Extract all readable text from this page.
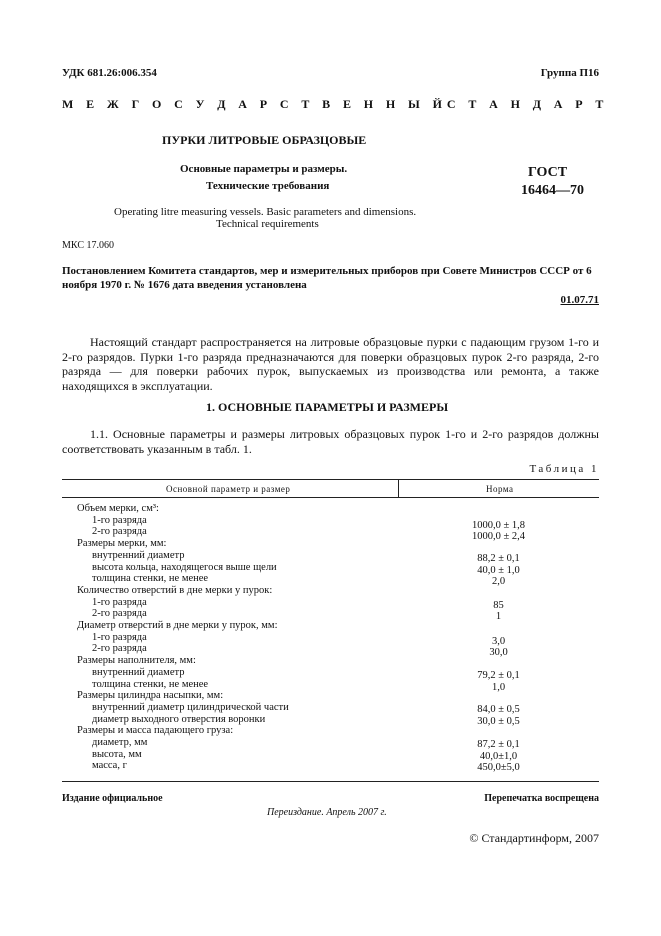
УДК 681.26:006.354	Группа П16
М Е Ж Г О С У Д А Р С Т В Е Н Н Ы Й С Т А Н Д А Р Т
ПУРКИ ЛИТРОВЫЕ ОБРАЗЦОВЫЕ
Основные параметры и размеры.
Технические требования
ГОСТ
16464—70
Operating litre measuring vessels. Basic parameters and dimensions.
Technical requirements
МКС 17.060
Постановлением Комитета стандартов, мер и измерительных приборов при Совете Министров СССР от 6 ноября 1970 г. № 1676 дата введения установлена
01.07.71
Настоящий стандарт распространяется на литровые образцовые пурки с падающим грузом 1-го и 2-го разрядов. Пурки 1-го разряда предназначаются для поверки образцовых пурок 2-го разряда, 2-го разряда — для поверки рабочих пурок, выпускаемых из производства или ремонта, а также находящихся в эксплуатации.
1. ОСНОВНЫЕ ПАРАМЕТРЫ И РАЗМЕРЫ
1.1. Основные параметры и размеры литровых образцовых пурок 1-го и 2-го разрядов должны соответствовать указанным в табл. 1.
Таблица 1
Основной параметр и размер	Норма
Объем мерки, см³:
1-го разряда	1000,0 ± 1,8
2-го разряда	1000,0 ± 2,4
Размеры мерки, мм:
внутренний диаметр	88,2 ± 0,1
высота кольца, находящегося выше щели	40,0 ± 1,0
толщина стенки, не менее	2,0
Количество отверстий в дне мерки у пурок:
1-го разряда	85
2-го разряда	1
Диаметр отверстий в дне мерки у пурок, мм:
1-го разряда	3,0
2-го разряда	30,0
Размеры наполнителя, мм:
внутренний диаметр	79,2 ± 0,1
толщина стенки, не менее	1,0
Размеры цилиндра насыпки, мм:
внутренний диаметр цилиндрической части	84,0 ± 0,5
диаметр выходного отверстия воронки	30,0 ± 0,5
Размеры и масса падающего груза:
диаметр, мм	87,2 ± 0,1
высота, мм	40,0±1,0
масса, г	450,0±5,0
Издание официальное	Перепечатка воспрещена
Переиздание. Апрель 2007 г.
© Стандартинформ, 2007
